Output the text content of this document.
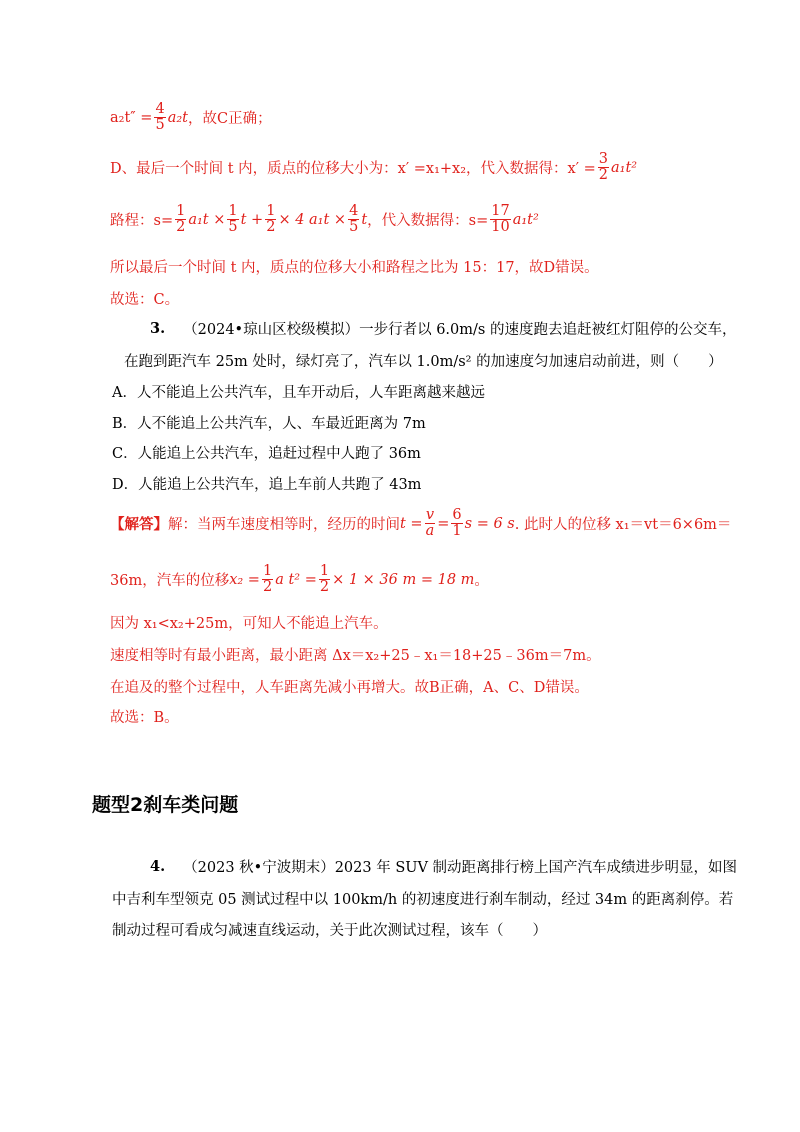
$a_2t'' = \frac{4}{5} a_2t$ ，故C正确；
D、最后一个时间 t 内，质点的位移大小为：x′ =x₁+x₂，代入数据得：$x' = \frac{3}{2} a_1t^2$
路程：$s= \frac{1}{2} a_1t \times \frac{1}{5}$ $t + \frac{1}{2} \times 4$ $a_1t \times \frac{4}{5}$ t ，代入数据得：$s= \frac{17}{10} a_1t^2$
所以最后一个时间 t 内，质点的位移大小和路程之比为 15：17，故D错误。
故选：C。
3. （2024•琼山区校级模拟）一步行者以 6.0m/s 的速度跑去追赶被红灯阻停的公交车，
在跑到距汽车 25m 处时，绿灯亮了，汽车以 1.0m/s² 的加速度匀加速启动前进，则（　　）
A．人不能追上公共汽车，且车开动后，人车距离越来越远
B．人不能追上公共汽车，人、车最近距离为 7m
C．人能追上公共汽车，追赶过程中人跑了 36m
D．人能追上公共汽车，追上车前人共跑了 43m
【解答】 解：当两车速度相等时，经历的时间 $t = \frac{v}{a} = \frac{6}{1}$ s = 6 s . 此时人的位移 x₁＝vt＝6×6m＝
36m，汽车的位移 $x_2 = \frac{1}{2}$ a $t^2 = \frac{1}{2} \times 1 \times 36$ m = 18 m 。
因为 x₁<x₂+25m，可知人不能追上汽车。
速度相等时有最小距离，最小距离 Δx＝x₂+25﹣x₁＝18+25﹣36m＝7m。
在追及的整个过程中，人车距离先减小再增大。故B正确，A、C、D错误。
故选：B。
题型2刹车类问题
4. （2023 秋•宁波期末）2023 年 SUV 制动距离排行榜上国产汽车成绩进步明显，如图
中吉利车型领克 05 测试过程中以 100km/h 的初速度进行刹车制动，经过 34m 的距离刹停。若
制动过程可看成匀减速直线运动，关于此次测试过程，该车（　　）
